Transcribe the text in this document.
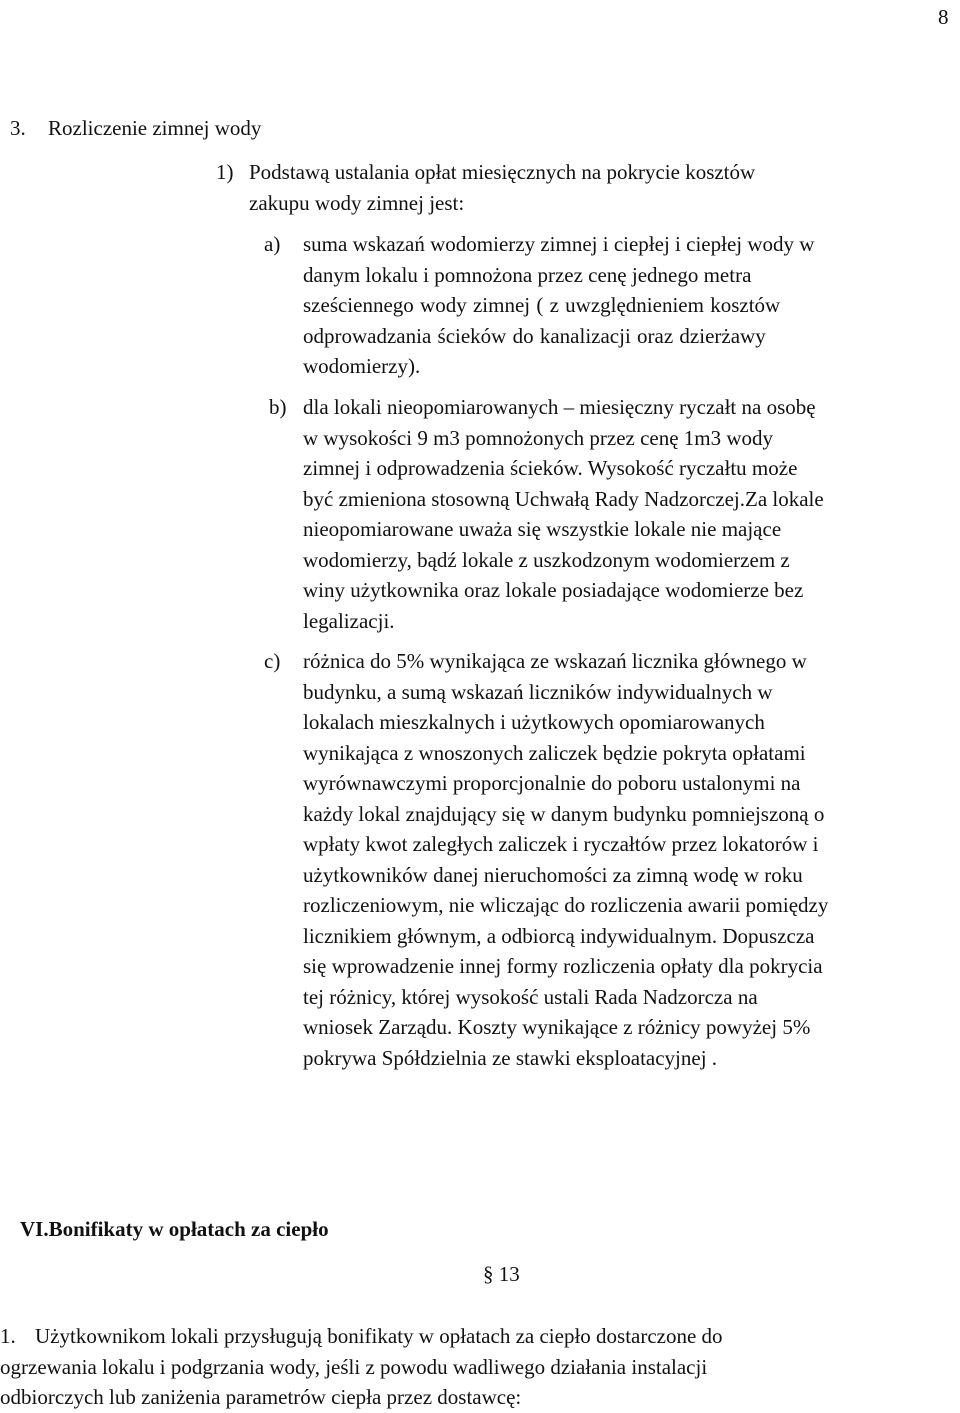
8
3. Rozliczenie zimnej wody

1) Podstawą ustalania opłat miesięcznych na pokrycie kosztów

zakupu wody zimnej jest:

a) suma wskazań wodomierzy zimnej i ciepłej i ciepłej wody w

danym lokalu i pomnożona przez cenę jednego metra

sześciennego wody zimnej ( z uwzględnieniem kosztów

odprowadzania ścieków do kanalizacji oraz dzierżawy

wodomierzy).

b) dla lokali nieopomiarowanych – miesięczny ryczałt na osobę

w wysokości 9 m3 pomnożonych przez cenę 1m3 wody

zimnej i odprowadzenia ścieków. Wysokość ryczałtu może

być zmieniona stosowną Uchwałą Rady Nadzorczej.Za lokale

nieopomiarowane uważa się wszystkie lokale nie mające

wodomierzy, bądź lokale z uszkodzonym wodomierzem z

winy użytkownika oraz lokale posiadające wodomierze bez

legalizacji.

c) różnica do 5% wynikająca ze wskazań licznika głównego w

budynku, a sumą wskazań liczników indywidualnych w

lokalach mieszkalnych i użytkowych opomiarowanych

wynikająca z wnoszonych zaliczek będzie pokryta opłatami

wyrównawczymi proporcjonalnie do poboru ustalonymi na

każdy lokal znajdujący się w danym budynku pomniejszoną o

wpłaty kwot zaległych zaliczek i ryczałtów przez lokatorów i

użytkowników danej nieruchomości za zimną wodę w roku

rozliczeniowym, nie wliczając do rozliczenia awarii pomiędzy

licznikiem głównym, a odbiorcą indywidualnym. Dopuszcza

się wprowadzenie innej formy rozliczenia opłaty dla pokrycia

tej różnicy, której wysokość ustali Rada Nadzorcza na

wniosek Zarządu. Koszty wynikające z różnicy powyżej 5%

pokrywa Spółdzielnia ze stawki eksploatacyjnej .

VI.Bonifikaty w opłatach za ciepło
§ 13

1. Użytkownikom lokali przysługują bonifikaty w opłatach za ciepło dostarczone do

ogrzewania lokalu i podgrzania wody, jeśli z powodu wadliwego działania instalacji

odbiorczych lub zaniżenia parametrów ciepła przez dostawcę:
